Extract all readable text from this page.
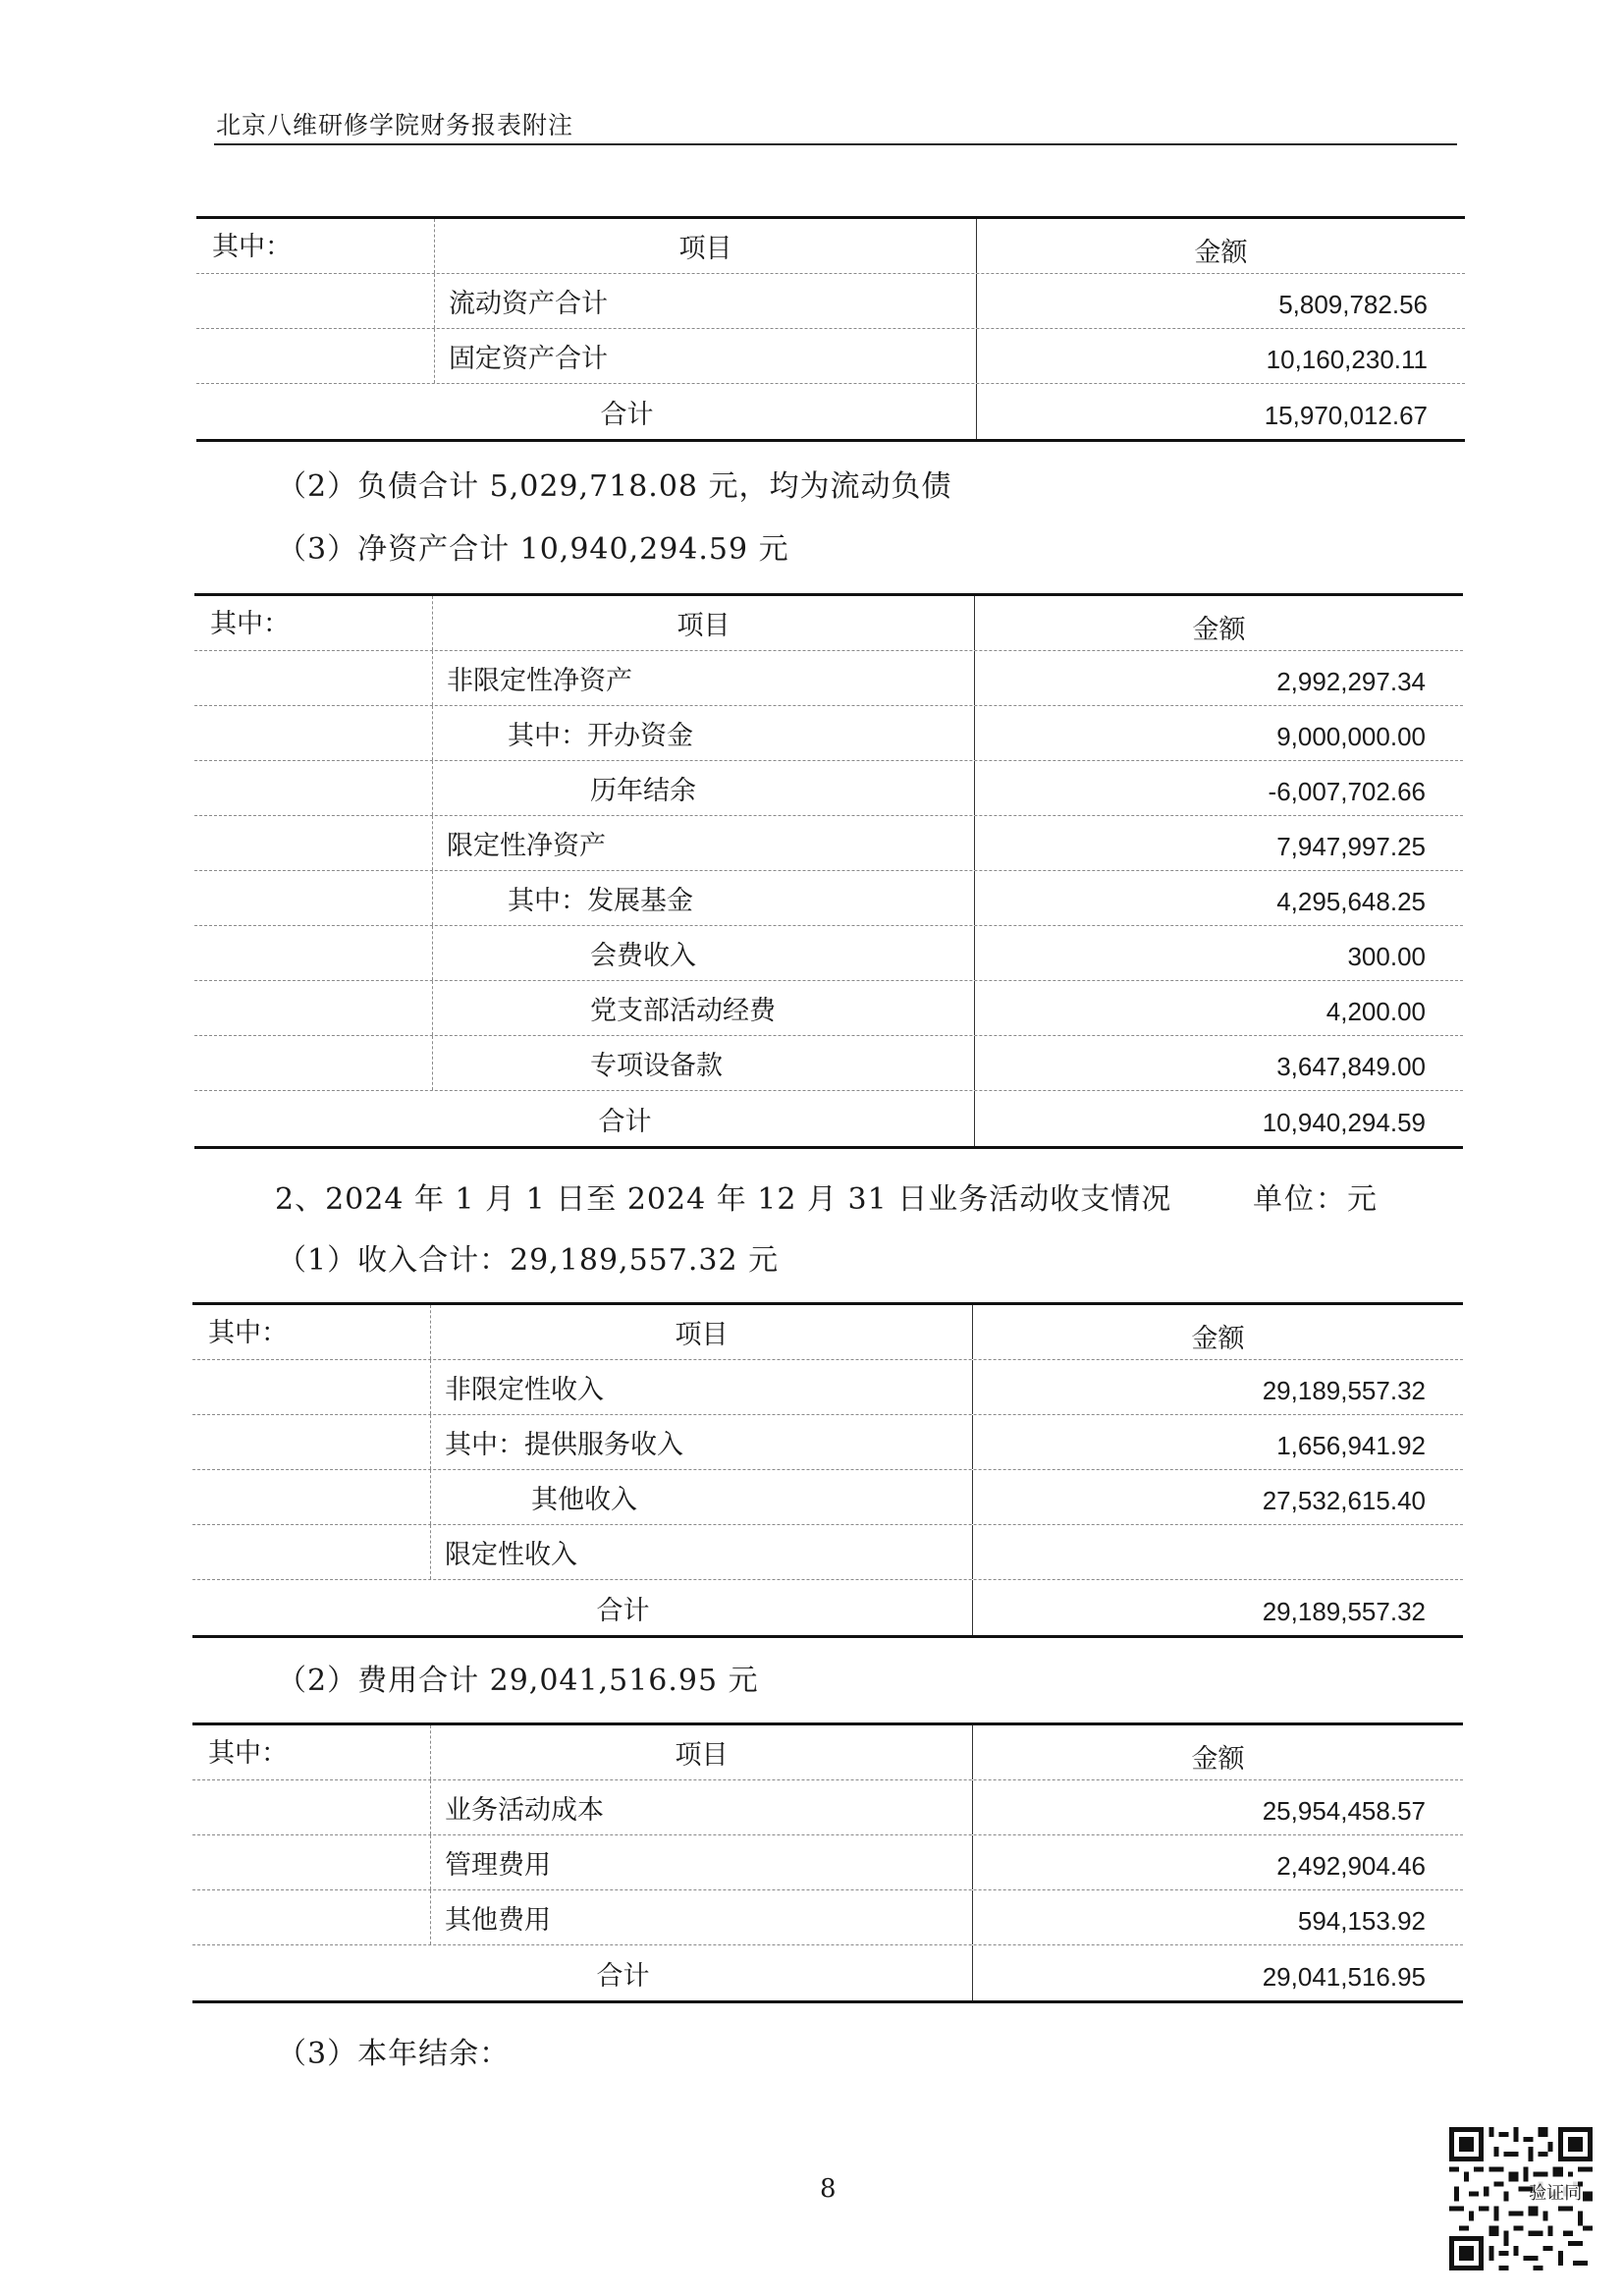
北京八维研修学院财务报表附注
其中：	项目	金额
流动资产合计	5,809,782.56
固定资产合计	10,160,230.11
合计	15,970,012.67
（2）负债合计 5,029,718.08 元，均为流动负债
（3）净资产合计 10,940,294.59 元
其中：	项目	金额
非限定性净资产	2,992,297.34
其中：开办资金	9,000,000.00
历年结余	-6,007,702.66
限定性净资产	7,947,997.25
其中：发展基金	4,295,648.25
会费收入	300.00
党支部活动经费	4,200.00
专项设备款	3,647,849.00
合计	10,940,294.59
2、2024 年 1 月 1 日至 2024 年 12 月 31 日业务活动收支情况	单位：元
（1）收入合计：29,189,557.32 元
其中：	项目	金额
非限定性收入	29,189,557.32
其中：提供服务收入	1,656,941.92
其他收入	27,532,615.40
限定性收入
合计	29,189,557.32
（2）费用合计 29,041,516.95 元
其中：	项目	金额
业务活动成本	25,954,458.57
管理费用	2,492,904.46
其他费用	594,153.92
合计	29,041,516.95
（3）本年结余：
8	验证同
